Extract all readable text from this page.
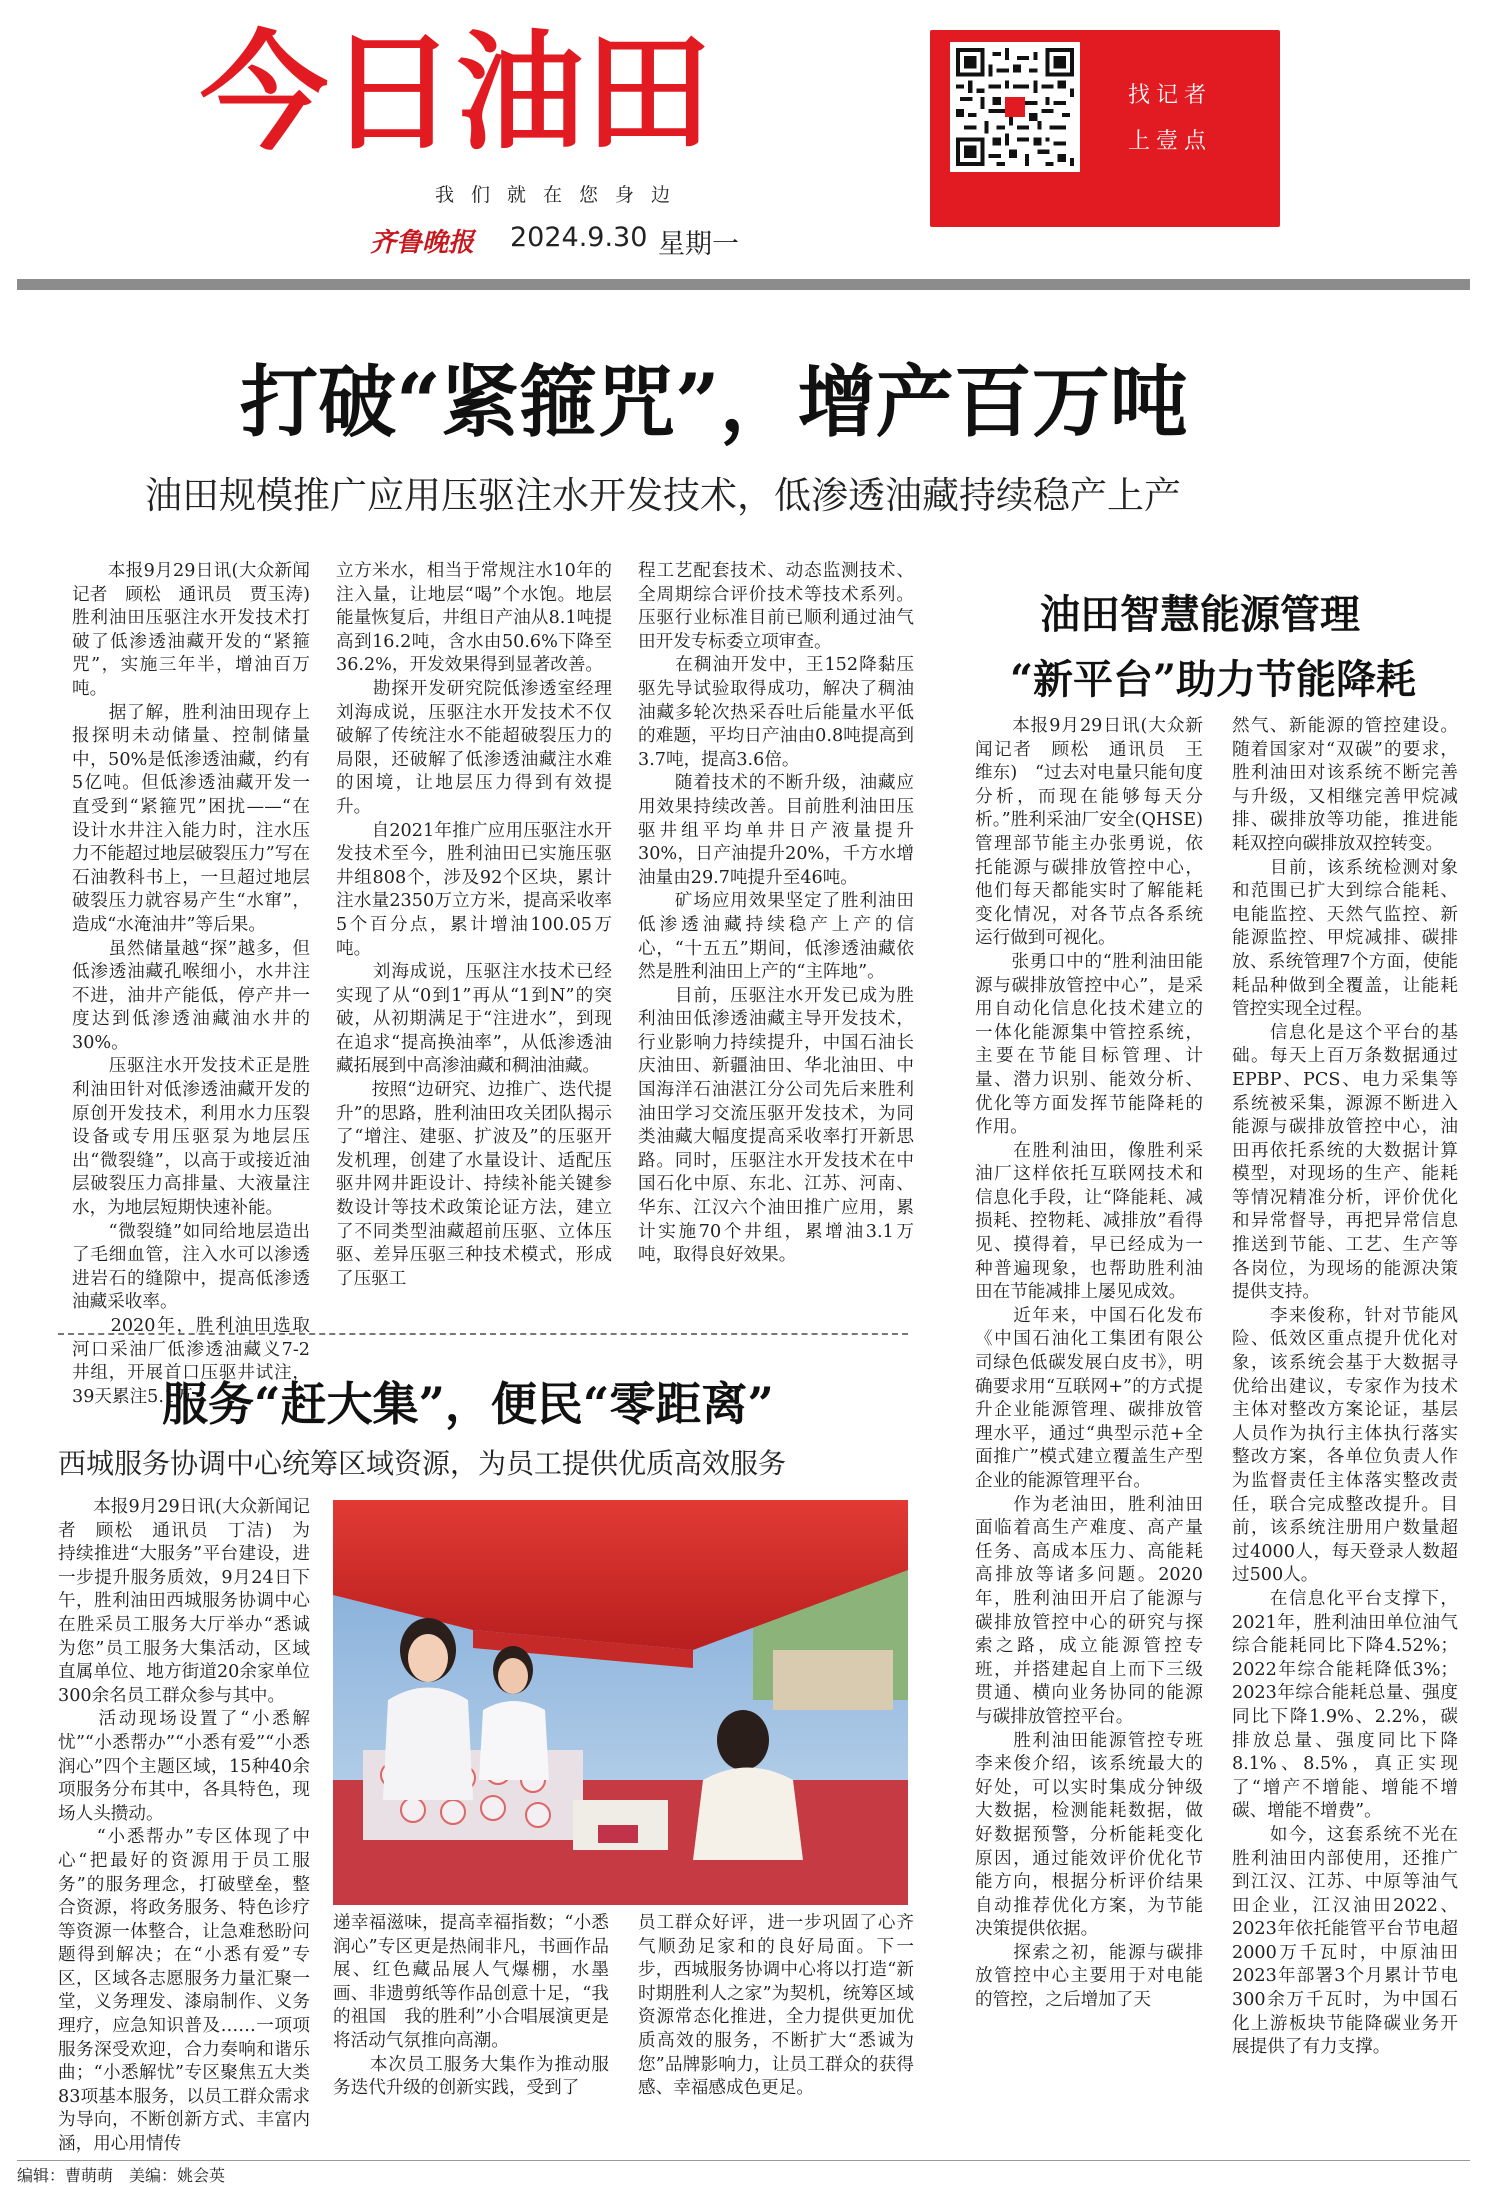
今日油田
我们就在您身边
齐鲁晚报 2024.9.30 星期一
找记者
上壹点
打破“紧箍咒”，增产百万吨
油田规模推广应用压驱注水开发技术，低渗透油藏持续稳产上产

　　本报9月29日讯(大众新闻记者　顾松　通讯员　贾玉涛)　胜利油田压驱注水开发技术打破了低渗透油藏开发的“紧箍咒”，实施三年半，增油百万吨。
　　据了解，胜利油田现存上报探明未动储量、控制储量中，50%是低渗透油藏，约有5亿吨。但低渗透油藏开发一直受到“紧箍咒”困扰——“在设计水井注入能力时，注水压力不能超过地层破裂压力”写在石油教科书上，一旦超过地层破裂压力就容易产生“水窜”，造成“水淹油井”等后果。
　　虽然储量越“探”越多，但低渗透油藏孔喉细小，水井注不进，油井产能低，停产井一度达到低渗透油藏油水井的30%。
　　压驱注水开发技术正是胜利油田针对低渗透油藏开发的原创开发技术，利用水力压裂设备或专用压驱泵为地层压出“微裂缝”，以高于或接近油层破裂压力高排量、大液量注水，为地层短期快速补能。
　　“微裂缝”如同给地层造出了毛细血管，注入水可以渗透进岩石的缝隙中，提高低渗透油藏采收率。
　　2020年，胜利油田选取河口采油厂低渗透油藏义7-2井组，开展首口压驱井试注，39天累注5.1万

立方米水，相当于常规注水10年的注入量，让地层“喝”个水饱。地层能量恢复后，井组日产油从8.1吨提高到16.2吨，含水由50.6%下降至36.2%，开发效果得到显著改善。
　　勘探开发研究院低渗透室经理刘海成说，压驱注水开发技术不仅破解了传统注水不能超破裂压力的局限，还破解了低渗透油藏注水难的困境，让地层压力得到有效提升。
　　自2021年推广应用压驱注水开发技术至今，胜利油田已实施压驱井组808个，涉及92个区块，累计注水量2350万立方米，提高采收率5个百分点，累计增油100.05万吨。
　　刘海成说，压驱注水技术已经实现了从“0到1”再从“1到N”的突破，从初期满足于“注进水”，到现在追求“提高换油率”，从低渗透油藏拓展到中高渗油藏和稠油油藏。
　　按照“边研究、边推广、迭代提升”的思路，胜利油田攻关团队揭示了“增注、建驱、扩波及”的压驱开发机理，创建了水量设计、适配压驱井网井距设计、持续补能关键参数设计等技术政策论证方法，建立了不同类型油藏超前压驱、立体压驱、差异压驱三种技术模式，形成了压驱工

程工艺配套技术、动态监测技术、全周期综合评价技术等技术系列。压驱行业标准目前已顺利通过油气田开发专标委立项审查。
　　在稠油开发中，王152降黏压驱先导试验取得成功，解决了稠油油藏多轮次热采吞吐后能量水平低的难题，平均日产油由0.8吨提高到3.7吨，提高3.6倍。
　　随着技术的不断升级，油藏应用效果持续改善。目前胜利油田压驱井组平均单井日产液量提升30%，日产油提升20%，千方水增油量由29.7吨提升至46吨。
　　矿场应用效果坚定了胜利油田低渗透油藏持续稳产上产的信心，“十五五”期间，低渗透油藏依然是胜利油田上产的“主阵地”。
　　目前，压驱注水开发已成为胜利油田低渗透油藏主导开发技术，行业影响力持续提升，中国石油长庆油田、新疆油田、华北油田、中国海洋石油湛江分公司先后来胜利油田学习交流压驱开发技术，为同类油藏大幅度提高采收率打开新思路。同时，压驱注水开发技术在中国石化中原、东北、江苏、河南、华东、江汉六个油田推广应用，累计实施70个井组，累增油3.1万吨，取得良好效果。

油田智慧能源管理
“新平台”助力节能降耗

　　本报9月29日讯(大众新闻记者　顾松　通讯员　王维东)　“过去对电量只能旬度分析，而现在能够每天分析。”胜利采油厂安全(QHSE)管理部节能主办张勇说，依托能源与碳排放管控中心，他们每天都能实时了解能耗变化情况，对各节点各系统运行做到可视化。
　　张勇口中的“胜利油田能源与碳排放管控中心”，是采用自动化信息化技术建立的一体化能源集中管控系统，主要在节能目标管理、计量、潜力识别、能效分析、优化等方面发挥节能降耗的作用。
　　在胜利油田，像胜利采油厂这样依托互联网技术和信息化手段，让“降能耗、减损耗、控物耗、减排放”看得见、摸得着，早已经成为一种普遍现象，也帮助胜利油田在节能减排上屡见成效。
　　近年来，中国石化发布《中国石油化工集团有限公司绿色低碳发展白皮书》，明确要求用“互联网+”的方式提升企业能源管理、碳排放管理水平，通过“典型示范+全面推广”模式建立覆盖生产型企业的能源管理平台。
　　作为老油田，胜利油田面临着高生产难度、高产量任务、高成本压力、高能耗高排放等诸多问题。2020年，胜利油田开启了能源与碳排放管控中心的研究与探索之路，成立能源管控专班，并搭建起自上而下三级贯通、横向业务协同的能源与碳排放管控平台。
　　胜利油田能源管控专班李来俊介绍，该系统最大的好处，可以实时集成分钟级大数据，检测能耗数据，做好数据预警，分析能耗变化原因，通过能效评价优化节能方向，根据分析评价结果自动推荐优化方案，为节能决策提供依据。
　　探索之初，能源与碳排放管控中心主要用于对电能的管控，之后增加了天

然气、新能源的管控建设。随着国家对“双碳”的要求，胜利油田对该系统不断完善与升级，又相继完善甲烷减排、碳排放等功能，推进能耗双控向碳排放双控转变。
　　目前，该系统检测对象和范围已扩大到综合能耗、电能监控、天然气监控、新能源监控、甲烷减排、碳排放、系统管理7个方面，使能耗品种做到全覆盖，让能耗管控实现全过程。
　　信息化是这个平台的基础。每天上百万条数据通过EPBP、PCS、电力采集等系统被采集，源源不断进入能源与碳排放管控中心，油田再依托系统的大数据计算模型，对现场的生产、能耗等情况精准分析，评价优化和异常督导，再把异常信息推送到节能、工艺、生产等各岗位，为现场的能源决策提供支持。
　　李来俊称，针对节能风险、低效区重点提升优化对象，该系统会基于大数据寻优给出建议，专家作为技术主体对整改方案论证，基层人员作为执行主体执行落实整改方案，各单位负责人作为监督责任主体落实整改责任，联合完成整改提升。目前，该系统注册用户数量超过4000人，每天登录人数超过500人。
　　在信息化平台支撑下，2021年，胜利油田单位油气综合能耗同比下降4.52%；2022年综合能耗降低3%；2023年综合能耗总量、强度同比下降1.9%、2.2%，碳排放总量、强度同比下降8.1%、8.5%，真正实现了“增产不增能、增能不增碳、增能不增费”。
　　如今，这套系统不光在胜利油田内部使用，还推广到江汉、江苏、中原等油气田企业，江汉油田2022、2023年依托能管平台节电超2000万千瓦时，中原油田2023年部署3个月累计节电300余万千瓦时，为中国石化上游板块节能降碳业务开展提供了有力支撑。

服务“赶大集”，便民“零距离”
西城服务协调中心统筹区域资源，为员工提供优质高效服务

　　本报9月29日讯(大众新闻记者　顾松　通讯员　丁洁)　为持续推进“大服务”平台建设，进一步提升服务质效，9月24日下午，胜利油田西城服务协调中心在胜采员工服务大厅举办“悉诚为您”员工服务大集活动，区域直属单位、地方街道20余家单位300余名员工群众参与其中。
　　活动现场设置了“小悉解忧”“小悉帮办”“小悉有爱”“小悉润心”四个主题区域，15种40余项服务分布其中，各具特色，现场人头攒动。
　　“小悉帮办”专区体现了中心“把最好的资源用于员工服务”的服务理念，打破壁垒，整合资源，将政务服务、特色诊疗等资源一体整合，让急难愁盼问题得到解决；在“小悉有爱”专区，区域各志愿服务力量汇聚一堂，义务理发、漆扇制作、义务理疗，应急知识普及……一项项服务深受欢迎，合力奏响和谐乐曲；“小悉解忧”专区聚焦五大类83项基本服务，以员工群众需求为导向，不断创新方式、丰富内涵，用心用情传

递幸福滋味，提高幸福指数；“小悉润心”专区更是热闹非凡，书画作品展、红色藏品展人气爆棚，水墨画、非遗剪纸等作品创意十足，“我的祖国　我的胜利”小合唱展演更是将活动气氛推向高潮。
　　本次员工服务大集作为推动服务迭代升级的创新实践，受到了

员工群众好评，进一步巩固了心齐气顺劲足家和的良好局面。下一步，西城服务协调中心将以打造“新时期胜利人之家”为契机，统筹区域资源常态化推进，全力提供更加优质高效的服务，不断扩大“悉诚为您”品牌影响力，让员工群众的获得感、幸福感成色更足。

编辑：曹萌萌　美编：姚会英
